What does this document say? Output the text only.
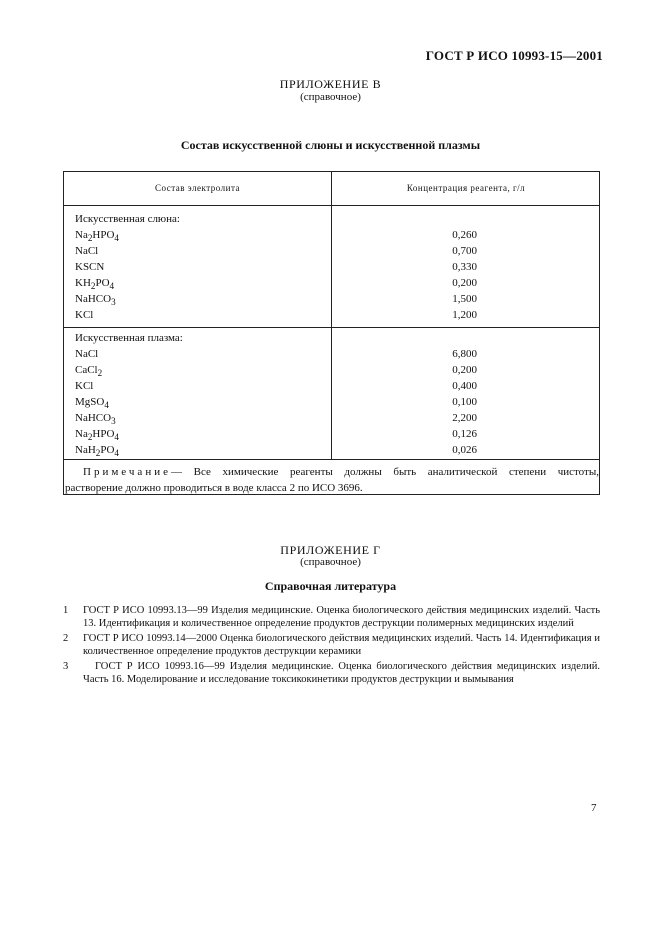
ГОСТ Р ИСО 10993-15—2001
ПРИЛОЖЕНИЕ В
(справочное)
Состав искусственной слюны и искусственной плазмы
Состав электролита	Концентрация реагента, г/л
Искусственная слюна:
$Na_2HPO_4$	0,260
NaCl	0,700
KSCN	0,330
$KH_2PO_4$	0,200
NaHCO$_3$	1,500
KCl	1,200
Искусственная плазма:
NaCl	6,800
CaCl$_2$	0,200
KCl	0,400
MgSO$_4$	0,100
NaHCO$_3$	2,200
$Na_2HPO_4$	0,126
$NaH_2PO_4$	0,026
Примечание— Все химические реагенты должны быть аналитической степени чистоты,
растворение должно проводиться в воде класса 2 по ИСО 3696.
ПРИЛОЖЕНИЕ Г
(справочное)
Справочная литература
1 ГОСТ Р ИСО 10993.13—99 Изделия медицинские. Оценка биологического действия медицинских изделий. Часть 13. Идентификация и количественное определение продуктов деструкции полимерных медицинских изделий
2 ГОСТ Р ИСО 10993.14—2000 Оценка биологического действия медицинских изделий. Часть 14. Идентификация и количественное определение продуктов деструкции керамики
3	ГОСТ Р ИСО 10993.16—99 Изделия медицинские. Оценка биологического действия медицинских изделий. Часть 16. Моделирование и исследование токсикокинетики продуктов деструкции и вымывания
7
